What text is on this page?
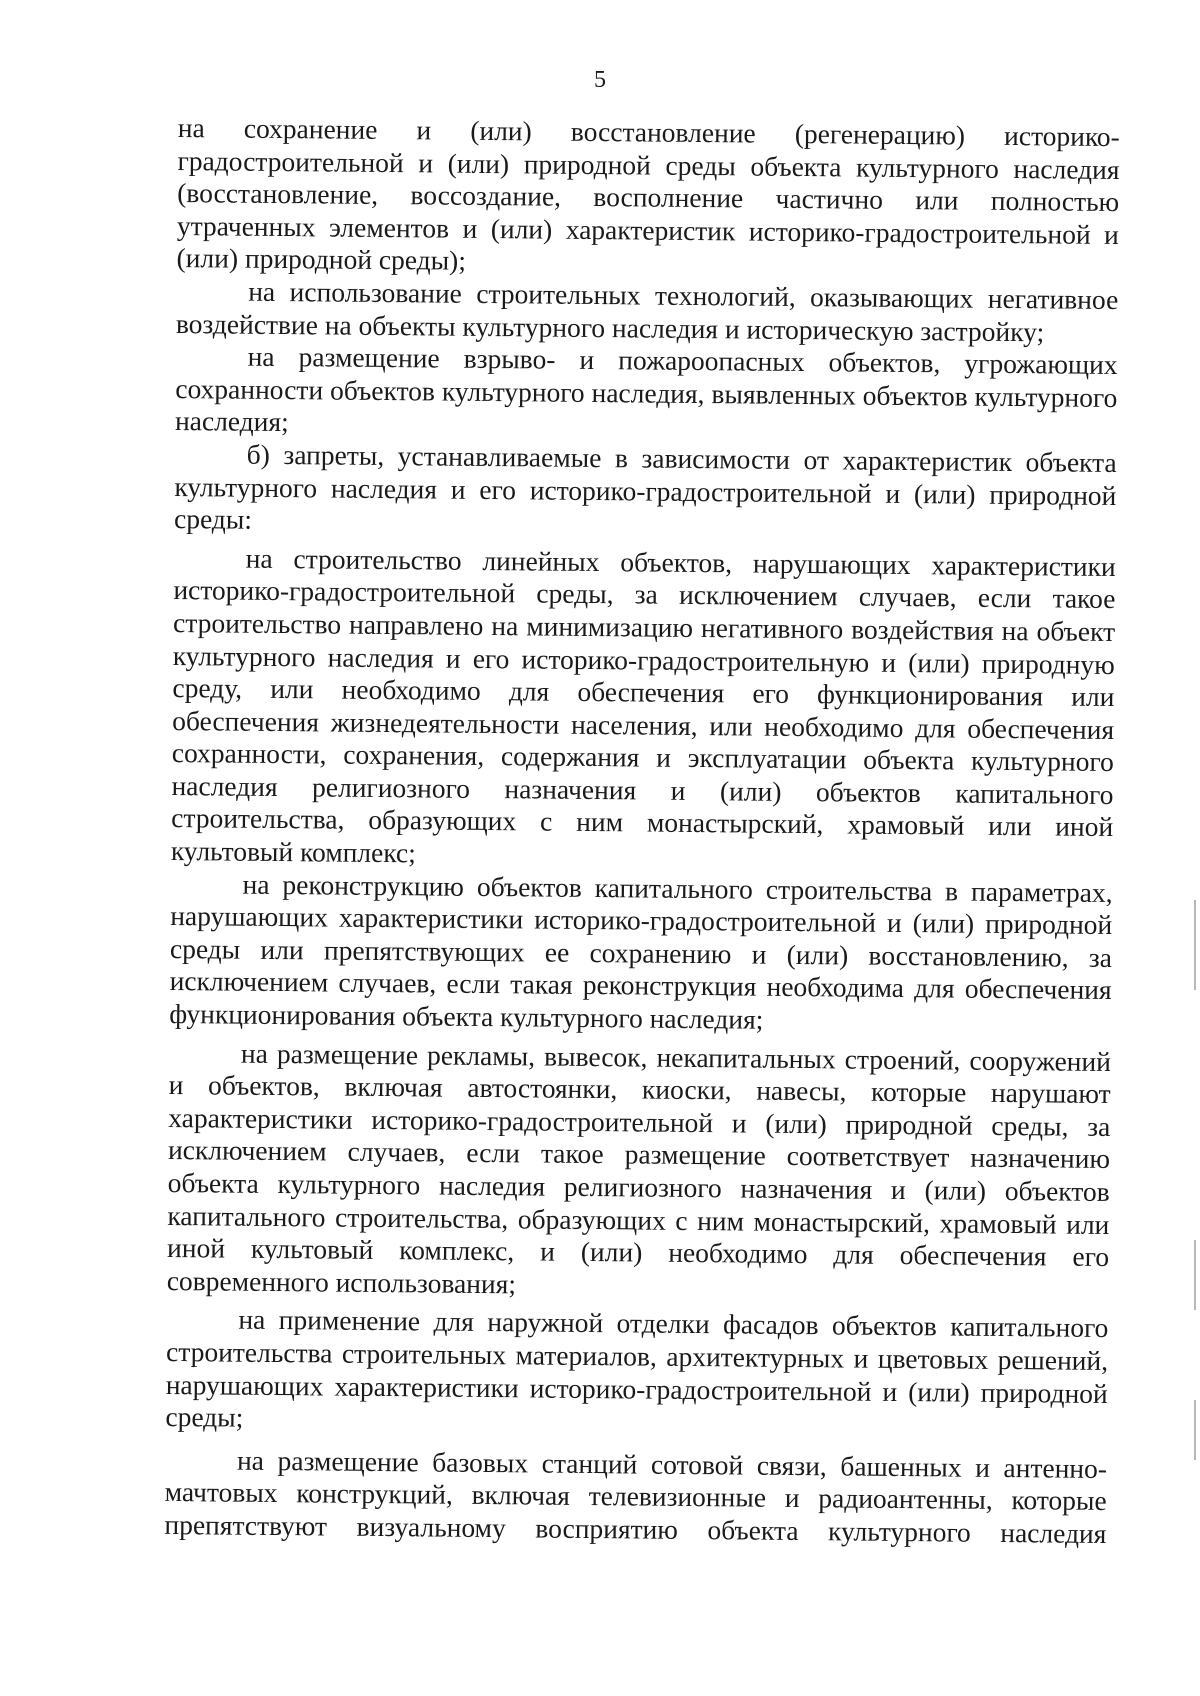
5

на сохранение и (или) восстановление (регенерацию) историко-градостроительной и (или) природной среды объекта культурного наследия (восстановление, воссоздание, восполнение частично или полностью утраченных элементов и (или) характеристик историко-градостроительной и (или) природной среды);

на использование строительных технологий, оказывающих негативное воздействие на объекты культурного наследия и историческую застройку;

на размещение взрыво- и пожароопасных объектов, угрожающих сохранности объектов культурного наследия, выявленных объектов культурного наследия;

б) запреты, устанавливаемые в зависимости от характеристик объекта культурного наследия и его историко-градостроительной и (или) природной среды:

на строительство линейных объектов, нарушающих характеристики историко-градостроительной среды, за исключением случаев, если такое строительство направлено на минимизацию негативного воздействия на объект культурного наследия и его историко-градостроительную и (или) природную среду, или необходимо для обеспечения его функционирования или обеспечения жизнедеятельности населения, или необходимо для обеспечения сохранности, сохранения, содержания и эксплуатации объекта культурного наследия религиозного назначения и (или) объектов капитального строительства, образующих с ним монастырский, храмовый или иной культовый комплекс;

на реконструкцию объектов капитального строительства в параметрах, нарушающих характеристики историко-градостроительной и (или) природной среды или препятствующих ее сохранению и (или) восстановлению, за исключением случаев, если такая реконструкция необходима для обеспечения функционирования объекта культурного наследия;

на размещение рекламы, вывесок, некапитальных строений, сооружений и объектов, включая автостоянки, киоски, навесы, которые нарушают характеристики историко-градостроительной и (или) природной среды, за исключением случаев, если такое размещение соответствует назначению объекта культурного наследия религиозного назначения и (или) объектов капитального строительства, образующих с ним монастырский, храмовый или иной культовый комплекс, и (или) необходимо для обеспечения его современного использования;

на применение для наружной отделки фасадов объектов капитального строительства строительных материалов, архитектурных и цветовых решений, нарушающих характеристики историко-градостроительной и (или) природной среды;

на размещение базовых станций сотовой связи, башенных и антенно-мачтовых конструкций, включая телевизионные и радиоантенны, которые препятствуют визуальному восприятию объекта культурного наследия
